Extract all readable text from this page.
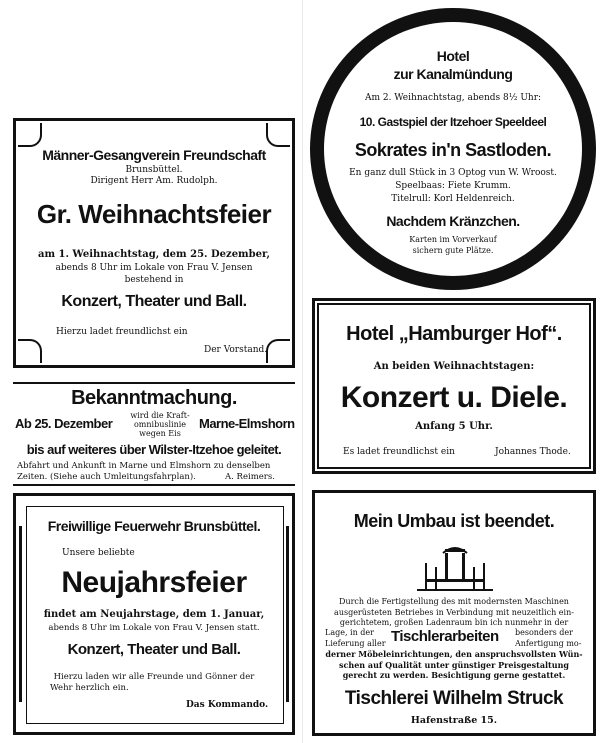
Männer-Gesangverein Freundschaft
Brunsbüttel.
Dirigent Herr Am. Rudolph.
Gr. Weihnachtsfeier
am 1. Weihnachtstag, dem 25. Dezember,
abends 8 Uhr im Lokale von Frau V. Jensen
bestehend in
Konzert, Theater und Ball.
Hierzu ladet freundlichst ein
Der Vorstand.
Hotel
zur Kanalmündung
Am 2. Weihnachtstag, abends 8½ Uhr:
10. Gastspiel der Itzehoer Speeldeel
Sokrates in'n Sastloden.
En ganz dull Stück in 3 Optog vun W. Wroost.
Speelbaas: Fiete Krumm.
Titelrull: Korl Heldenreich.
Nachdem Kränzchen.
Karten im Vorverkauf
sichern gute Plätze.
Bekanntmachung.
Ab 25. Dezember
wird die Kraft-
omnibuslinie
wegen Eis
Marne-Elmshorn
bis auf weiteres über Wilster-Itzehoe geleitet.
Abfahrt und Ankunft in Marne und Elmshorn zu denselben
Zeiten. (Siehe auch Umleitungsfahrplan).	A. Reimers.
Hotel „Hamburger Hof“.
An beiden Weihnachtstagen:
Konzert u. Diele.
Anfang 5 Uhr.
Es ladet freundlichst ein	Johannes Thode.
Freiwillige Feuerwehr Brunsbüttel.
Unsere beliebte
Neujahrsfeier
findet am Neujahrstage, dem 1. Januar,
abends 8 Uhr im Lokale von Frau V. Jensen statt.
Konzert, Theater und Ball.
Hierzu laden wir alle Freunde und Gönner der
Wehr herzlich ein.
Das Kommando.
Mein Umbau ist beendet.
Durch die Fertigstellung des mit modernsten Maschinen
ausgerüsteten Betriebes in Verbindung mit neuzeitlich ein-
gerichtetem, großen Ladenraum bin ich nunmehr in der
Lage, in der
Lieferung aller Tischlerarbeiten besonders der
Anfertigung mo-
derner Möbeleinrichtungen, den anspruchsvollsten Wün-
schen auf Qualität unter günstiger Preisgestaltung
gerecht zu werden. Besichtigung gerne gestattet.
Tischlerei Wilhelm Struck
Hafenstraße 15.
